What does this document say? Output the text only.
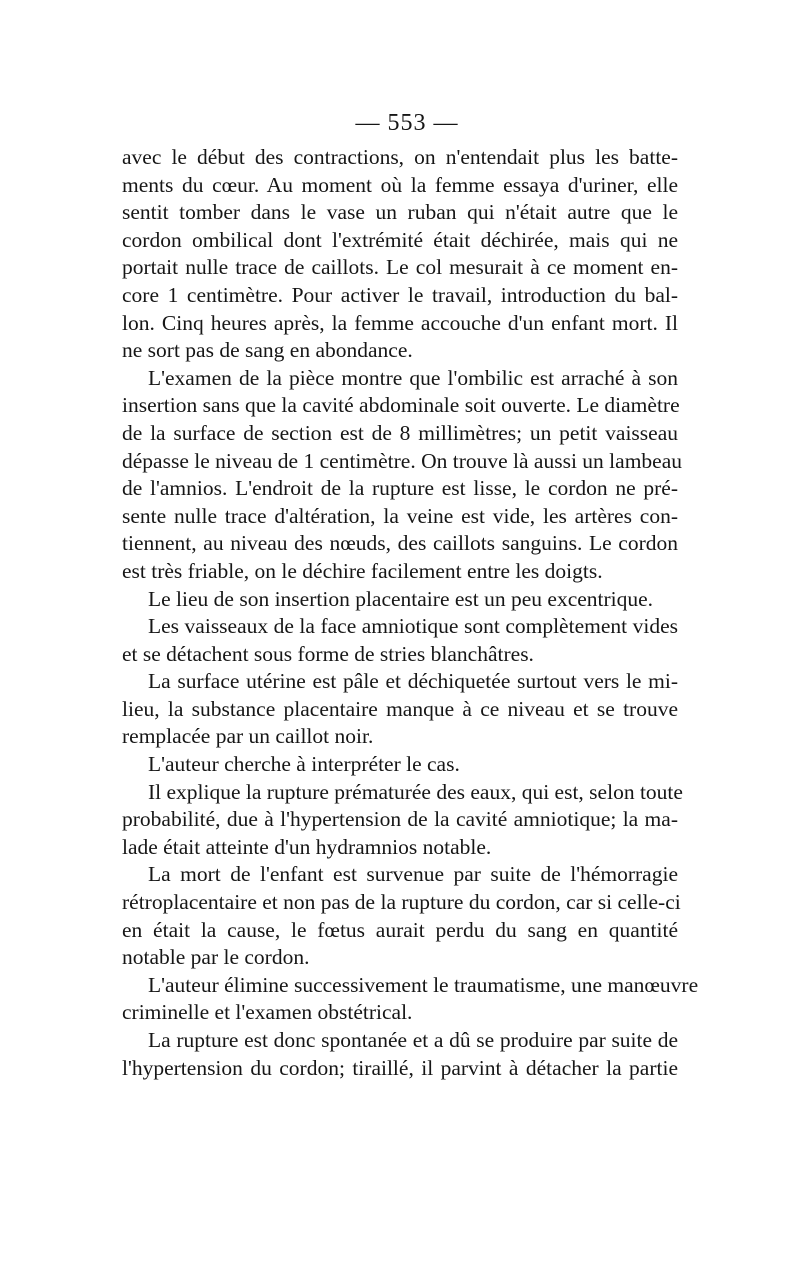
— 553 —
avec le début des contractions, on n'entendait plus les batte-
ments du cœur. Au moment où la femme essaya d'uriner, elle
sentit tomber dans le vase un ruban qui n'était autre que le
cordon ombilical dont l'extrémité était déchirée, mais qui ne
portait nulle trace de caillots. Le col mesurait à ce moment en-
core 1 centimètre. Pour activer le travail, introduction du bal-
lon. Cinq heures après, la femme accouche d'un enfant mort. Il
ne sort pas de sang en abondance.
L'examen de la pièce montre que l'ombilic est arraché à son
insertion sans que la cavité abdominale soit ouverte. Le diamètre
de la surface de section est de 8 millimètres; un petit vaisseau
dépasse le niveau de 1 centimètre. On trouve là aussi un lambeau
de l'amnios. L'endroit de la rupture est lisse, le cordon ne pré-
sente nulle trace d'altération, la veine est vide, les artères con-
tiennent, au niveau des nœuds, des caillots sanguins. Le cordon
est très friable, on le déchire facilement entre les doigts.
Le lieu de son insertion placentaire est un peu excentrique.
Les vaisseaux de la face amniotique sont complètement vides
et se détachent sous forme de stries blanchâtres.
La surface utérine est pâle et déchiquetée surtout vers le mi-
lieu, la substance placentaire manque à ce niveau et se trouve
remplacée par un caillot noir.
L'auteur cherche à interpréter le cas.
Il explique la rupture prématurée des eaux, qui est, selon toute
probabilité, due à l'hypertension de la cavité amniotique; la ma-
lade était atteinte d'un hydramnios notable.
La mort de l'enfant est survenue par suite de l'hémorragie
rétroplacentaire et non pas de la rupture du cordon, car si celle-ci
en était la cause, le fœtus aurait perdu du sang en quantité
notable par le cordon.
L'auteur élimine successivement le traumatisme, une manœuvre
criminelle et l'examen obstétrical.
La rupture est donc spontanée et a dû se produire par suite de
l'hypertension du cordon; tiraillé, il parvint à détacher la partie
